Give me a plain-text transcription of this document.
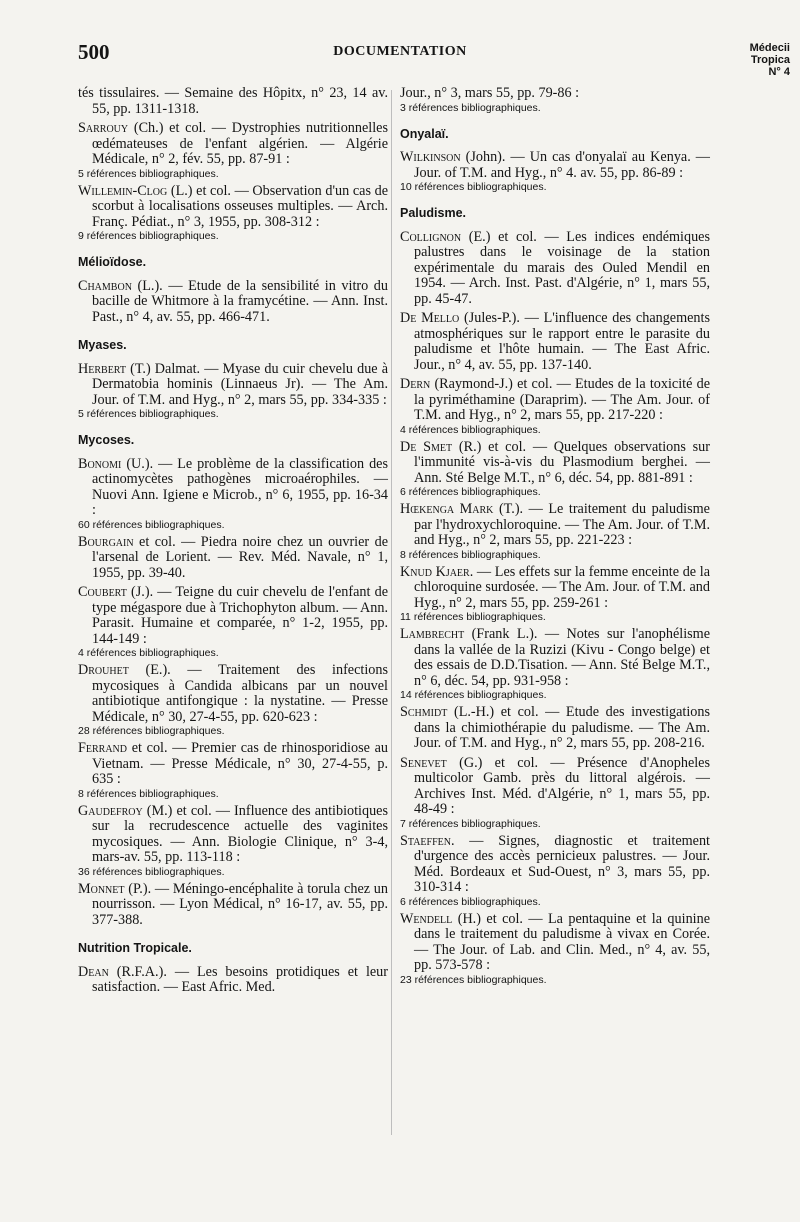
500	DOCUMENTATION	Médecii
Tropica
N° 4
tés tissulaires. — Semaine des Hôpitx, n° 23, 14 av. 55, pp. 1311-1318.
Sarrouy (Ch.) et col. — Dystrophies nutritionnelles œdémateuses de l'enfant algérien. — Algérie Médicale, n° 2, fév. 55, pp. 87-91 :
5 références bibliographiques.
Willemin-Clog (L.) et col. — Observation d'un cas de scorbut à localisations osseuses multiples. — Arch. Franç. Pédiat., n° 3, 1955, pp. 308-312 :
9 références bibliographiques.
Mélioïdose.
Chambon (L.). — Etude de la sensibilité in vitro du bacille de Whitmore à la framycétine. — Ann. Inst. Past., n° 4, av. 55, pp. 466-471.
Myases.
Herbert (T.) Dalmat. — Myase du cuir chevelu due à Dermatobia hominis (Linnaeus Jr). — The Am. Jour. of T.M. and Hyg., n° 2, mars 55, pp. 334-335 :
5 références bibliographiques.
Mycoses.
Bonomi (U.). — Le problème de la classification des actinomycètes pathogènes microaérophiles. — Nuovi Ann. Igiene e Microb., n° 6, 1955, pp. 16-34 :
60 références bibliographiques.
Bourgain et col. — Piedra noire chez un ouvrier de l'arsenal de Lorient. — Rev. Méd. Navale, n° 1, 1955, pp. 39-40.
Coubert (J.). — Teigne du cuir chevelu de l'enfant de type mégaspore due à Trichophyton album. — Ann. Parasit. Humaine et comparée, n° 1-2, 1955, pp. 144-149 :
4 références bibliographiques.
Drouhet (E.). — Traitement des infections mycosiques à Candida albicans par un nouvel antibiotique antifongique : la nystatine. — Presse Médicale, n° 30, 27-4-55, pp. 620-623 :
28 références bibliographiques.
Ferrand et col. — Premier cas de rhinosporidiose au Vietnam. — Presse Médicale, n° 30, 27-4-55, p. 635 :
8 références bibliographiques.
Gaudefroy (M.) et col. — Influence des antibiotiques sur la recrudescence actuelle des vaginites mycosiques. — Ann. Biologie Clinique, n° 3-4, mars-av. 55, pp. 113-118 :
36 références bibliographiques.
Monnet (P.). — Méningo-encéphalite à torula chez un nourrisson. — Lyon Médical, n° 16-17, av. 55, pp. 377-388.
Nutrition Tropicale.
Dean (R.F.A.). — Les besoins protidiques et leur satisfaction. — East Afric. Med.
Jour., n° 3, mars 55, pp. 79-86 :
3 références bibliographiques.
Onyalaï.
Wilkinson (John). — Un cas d'onyalaï au Kenya. — Jour. of T.M. and Hyg., n° 4. av. 55, pp. 86-89 :
10 références bibliographiques.
Paludisme.
Collignon (E.) et col. — Les indices endémiques palustres dans le voisinage de la station expérimentale du marais des Ouled Mendil en 1954. — Arch. Inst. Past. d'Algérie, n° 1, mars 55, pp. 45-47.
De Mello (Jules-P.). — L'influence des changements atmosphériques sur le rapport entre le parasite du paludisme et l'hôte humain. — The East Afric. Jour., n° 4, av. 55, pp. 137-140.
Dern (Raymond-J.) et col. — Etudes de la toxicité de la pyriméthamine (Daraprim). — The Am. Jour. of T.M. and Hyg., n° 2, mars 55, pp. 217-220 :
4 références bibliographiques.
De Smet (R.) et col. — Quelques observations sur l'immunité vis-à-vis du Plasmodium berghei. — Ann. Sté Belge M.T., n° 6, déc. 54, pp. 881-891 :
6 références bibliographiques.
Hœkenga Mark (T.). — Le traitement du paludisme par l'hydroxychloroquine. — The Am. Jour. of T.M. and Hyg., n° 2, mars 55, pp. 221-223 :
8 références bibliographiques.
Knud Kjaer. — Les effets sur la femme enceinte de la chloroquine surdosée. — The Am. Jour. of T.M. and Hyg., n° 2, mars 55, pp. 259-261 :
11 références bibliographiques.
Lambrecht (Frank L.). — Notes sur l'anophélisme dans la vallée de la Ruzizi (Kivu - Congo belge) et des essais de D.D.Tisation. — Ann. Sté Belge M.T., n° 6, déc. 54, pp. 931-958 :
14 références bibliographiques.
Schmidt (L.-H.) et col. — Etude des investigations dans la chimiothérapie du paludisme. — The Am. Jour. of T.M. and Hyg., n° 2, mars 55, pp. 208-216.
Senevet (G.) et col. — Présence d'Anopheles multicolor Gamb. près du littoral algérois. — Archives Inst. Méd. d'Algérie, n° 1, mars 55, pp. 48-49 :
7 références bibliographiques.
Staeffen. — Signes, diagnostic et traitement d'urgence des accès pernicieux palustres. — Jour. Méd. Bordeaux et Sud-Ouest, n° 3, mars 55, pp. 310-314 :
6 références bibliographiques.
Wendell (H.) et col. — La pentaquine et la quinine dans le traitement du paludisme à vivax en Corée. — The Jour. of Lab. and Clin. Med., n° 4, av. 55, pp. 573-578 :
23 références bibliographiques.
